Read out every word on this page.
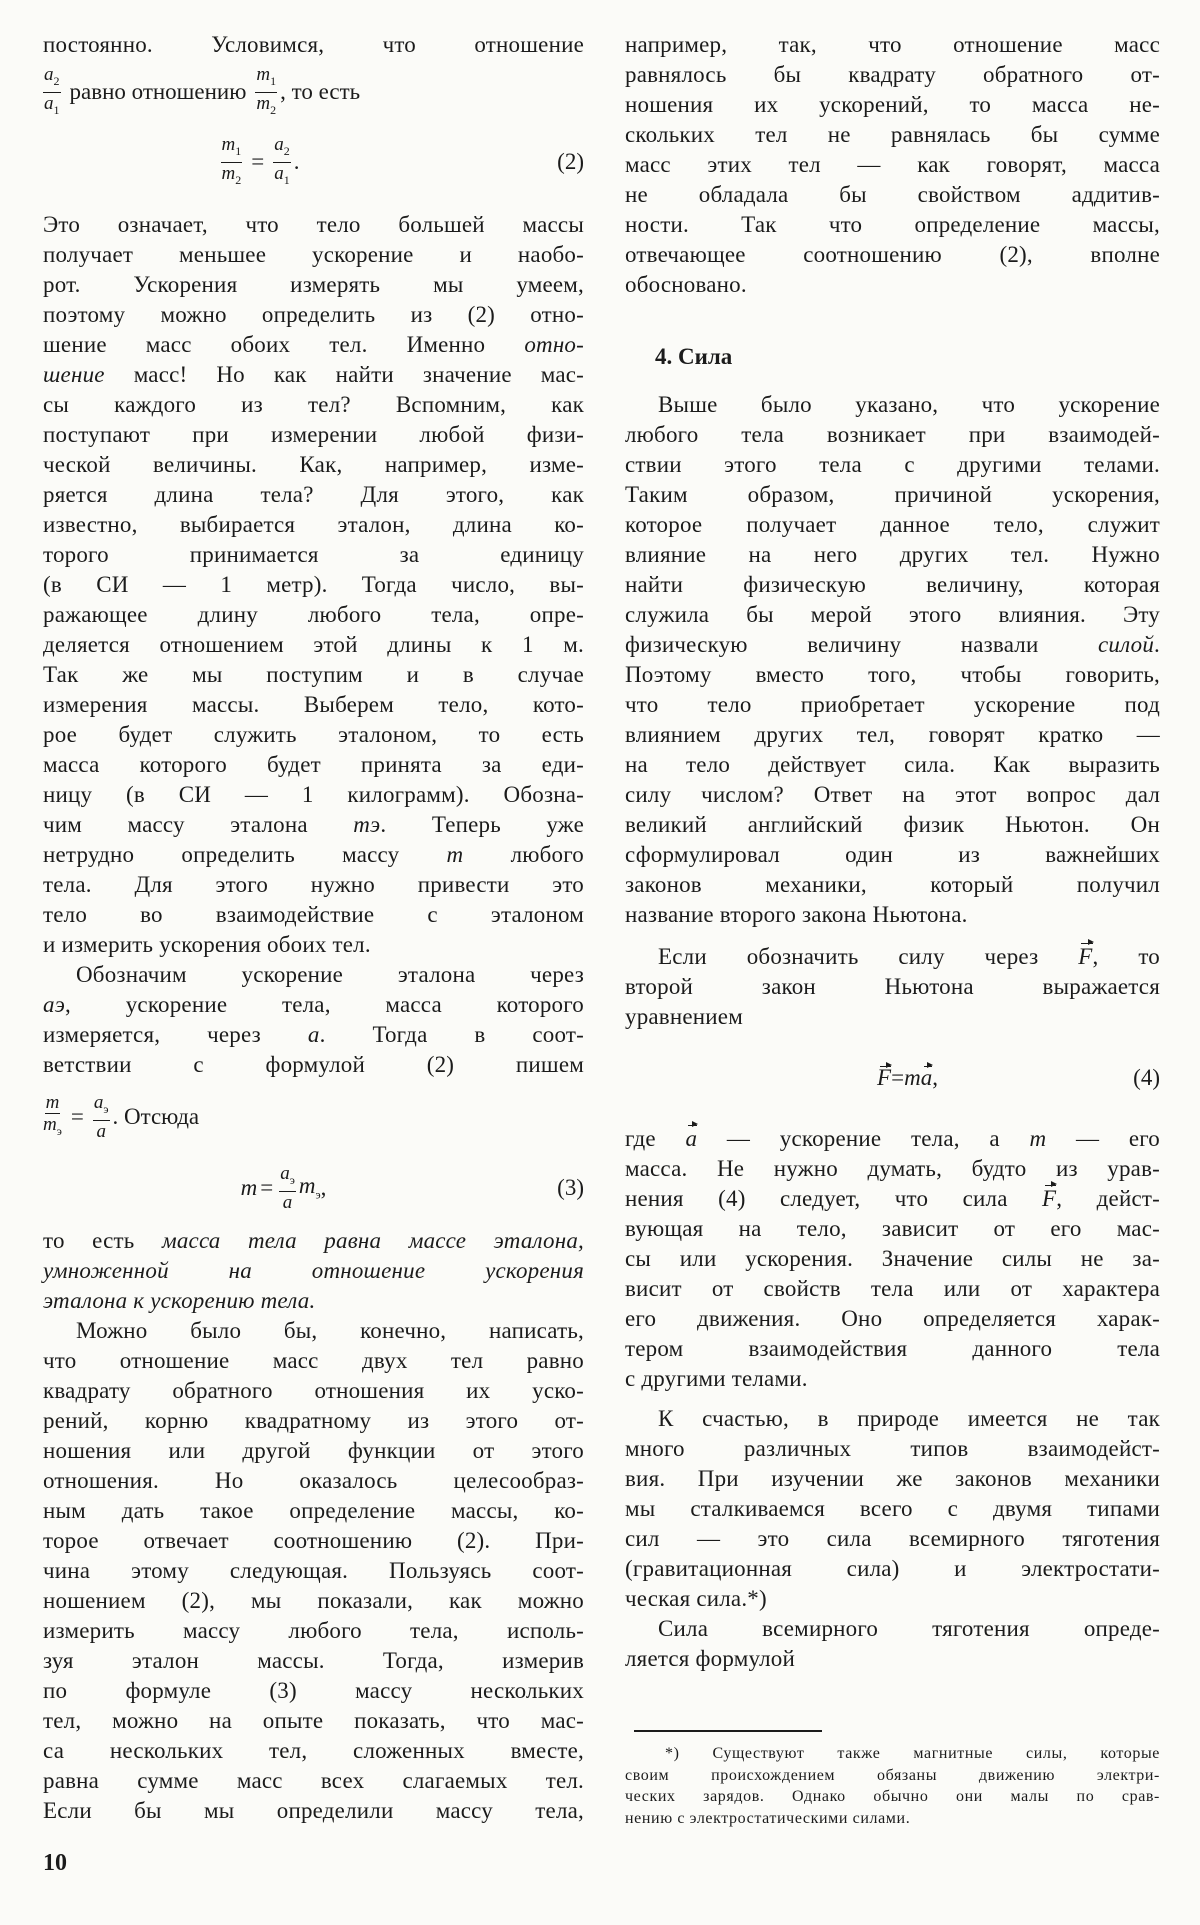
постоянно. Условимся, что отношение
$\frac{a_2}{a_1}$ равно отношению $\frac{m_1}{m_2}$ , то есть
$\frac{m_1}{m_2} = \frac{a_2}{a_1}$ .	(2)
Это означает, что тело большей массы
получает меньшее ускорение и наобо-
рот. Ускорения измерять мы умеем,
поэтому можно определить из (2) отно-
шение масс обоих тел. Именно отно-
шение масс! Но как найти значение мас-
сы каждого из тел? Вспомним, как
поступают при измерении любой физи-
ческой величины. Как, например, изме-
ряется длина тела? Для этого, как
известно, выбирается эталон, длина ко-
торого принимается за единицу
(в СИ — 1 метр). Тогда число, вы-
ражающее длину любого тела, опре-
деляется отношением этой длины к 1 м.
Так же мы поступим и в случае
измерения массы. Выберем тело, кото-
рое будет служить эталоном, то есть
масса которого будет принята за еди-
ницу (в СИ — 1 килограмм). Обозна-
чим массу эталона mэ. Теперь уже
нетрудно определить массу m любого
тела. Для этого нужно привести это
тело во взаимодействие с эталоном
и измерить ускорения обоих тел.
Обозначим ускорение эталона через
aэ, ускорение тела, масса которого
измеряется, через a. Тогда в соот-
ветствии с формулой (2) пишем
$\frac{m}{m_э} = \frac{a_э}{a}$ . Отсюда
$m = \frac{a_э}{a} m_э$ ,	(3)
то есть масса тела равна массе эталона,
умноженной на отношение ускорения
эталона к ускорению тела.
Можно было бы, конечно, написать,
что отношение масс двух тел равно
квадрату обратного отношения их уско-
рений, корню квадратному из этого от-
ношения или другой функции от этого
отношения. Но оказалось целесообраз-
ным дать такое определение массы, ко-
торое отвечает соотношению (2). При-
чина этому следующая. Пользуясь соот-
ношением (2), мы показали, как можно
измерить массу любого тела, исполь-
зуя эталон массы. Тогда, измерив
по формуле (3) массу нескольких
тел, можно на опыте показать, что мас-
са нескольких тел, сложенных вместе,
равна сумме масс всех слагаемых тел.
Если бы мы определили массу тела,
например, так, что отношение масс
равнялось бы квадрату обратного от-
ношения их ускорений, то масса не-
скольких тел не равнялась бы сумме
масс этих тел — как говорят, масса
не обладала бы свойством аддитив-
ности. Так что определение массы,
отвечающее соотношению (2), вполне
обосновано.
4. Сила
Выше было указано, что ускорение
любого тела возникает при взаимодей-
ствии этого тела с другими телами.
Таким образом, причиной ускорения,
которое получает данное тело, служит
влияние на него других тел. Нужно
найти физическую величину, которая
служила бы мерой этого влияния. Эту
физическую величину назвали силой.
Поэтому вместо того, чтобы говорить,
что тело приобретает ускорение под
влиянием других тел, говорят кратко —
на тело действует сила. Как выразить
силу числом? Ответ на этот вопрос дал
великий английский физик Ньютон. Он
сформулировал один из важнейших
законов механики, который получил
название второго закона Ньютона.
Если обозначить силу через F, то
второй закон Ньютона выражается
уравнением
F = m a ,	(4)
где a — ускорение тела, а m — его
масса. Не нужно думать, будто из урав-
нения (4) следует, что сила F, дейст-
вующая на тело, зависит от его мас-
сы или ускорения. Значение силы не за-
висит от свойств тела или от характера
его движения. Оно определяется харак-
тером взаимодействия данного тела
с другими телами.
К счастью, в природе имеется не так
много различных типов взаимодейст-
вия. При изучении же законов механики
мы сталкиваемся всего с двумя типами
сил — это сила всемирного тяготения
(гравитационная сила) и электростати-
ческая сила.*)
Сила всемирного тяготения опреде-
ляется формулой
*) Существуют также магнитные силы, которые
своим происхождением обязаны движению электри-
ческих зарядов. Однако обычно они малы по срав-
нению с электростатическими силами.
10
